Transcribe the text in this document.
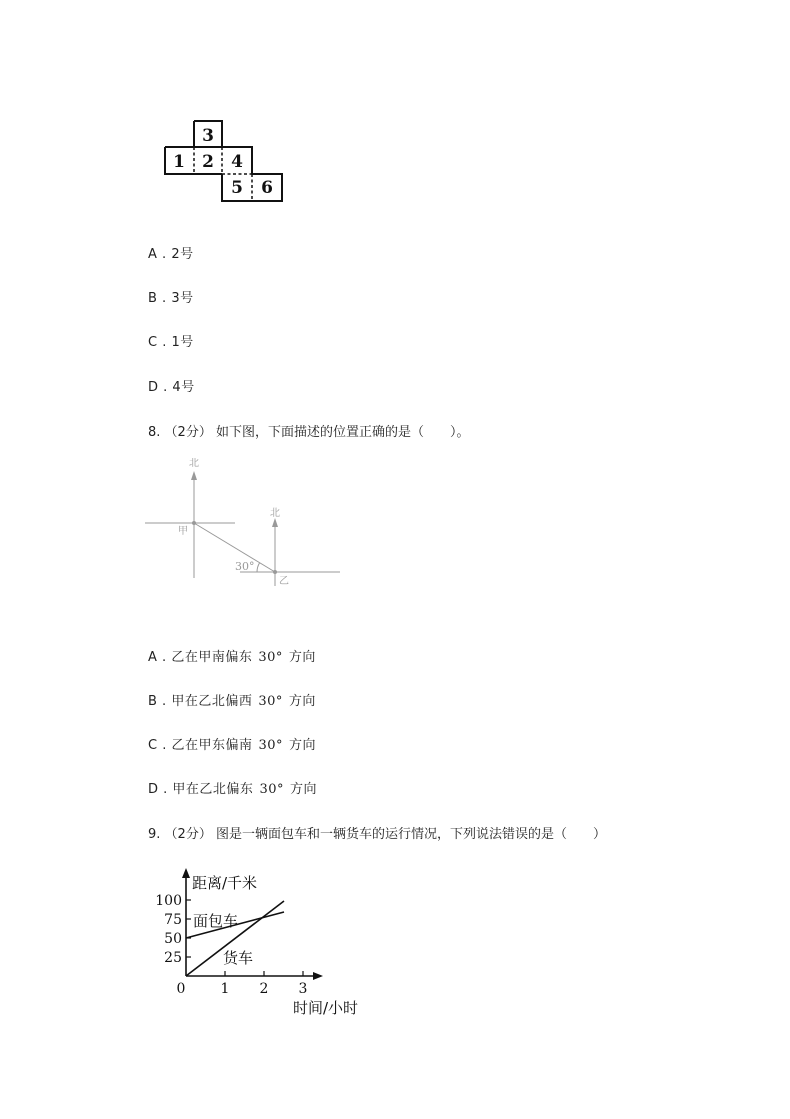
1 2
3
4
5 6
A . 2号
B . 3号
C . 1号
D . 4号
8. （2分） 如下图，下面描述的位置正确的是（　　）。
北
北
甲
乙
30°
A . 乙在甲南偏东 30° 方向
B . 甲在乙北偏西 30° 方向
C . 乙在甲东偏南 30° 方向
D . 甲在乙北偏东 30° 方向
9. （2分） 图是一辆面包车和一辆货车的运行情况，下列说法错误的是（　　）
距离/千米
时间/小时
面包车
货车
100
75
50
25
0	1 2 3
